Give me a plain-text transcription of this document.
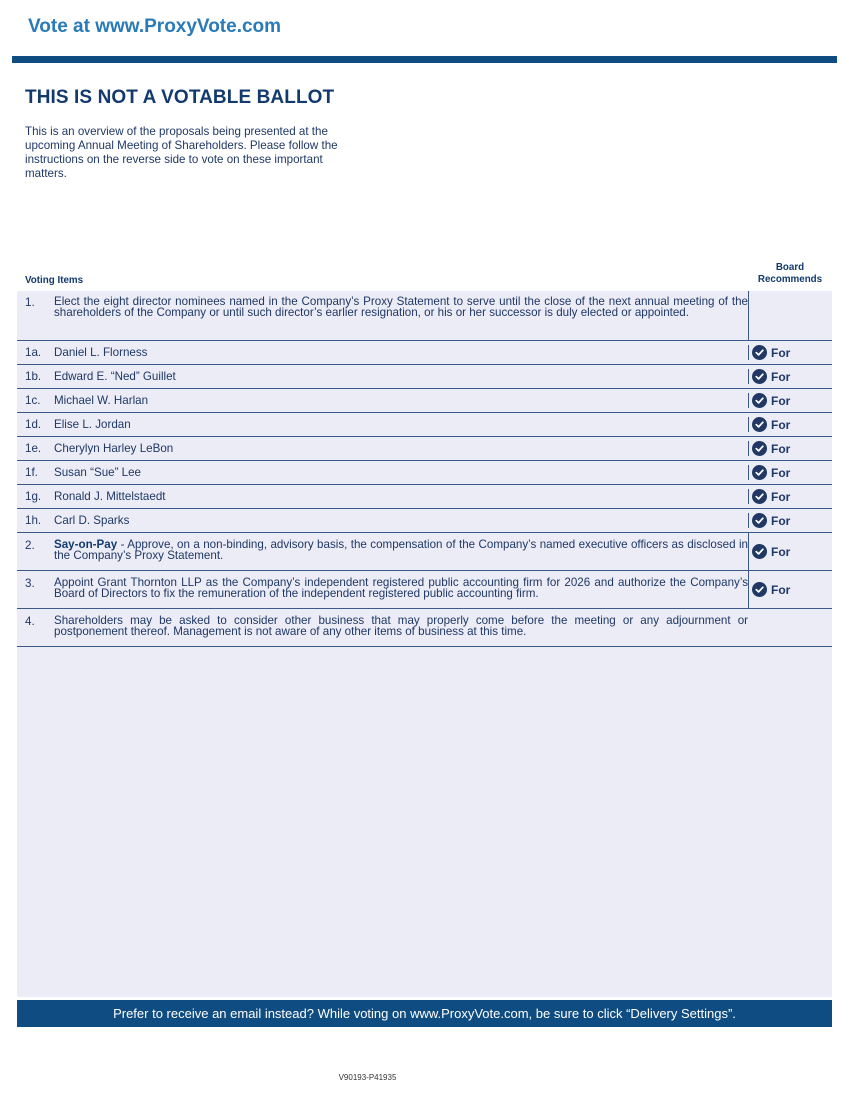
Vote at www.ProxyVote.com
THIS IS NOT A VOTABLE BALLOT
This is an overview of the proposals being presented at the upcoming Annual Meeting of Shareholders. Please follow the instructions on the reverse side to vote on these important matters.
Voting Items
Board
Recommends
1.	Elect the eight director nominees named in the Company’s Proxy Statement to serve until the close of the next annual meeting of the shareholders of the Company or until such director’s earlier resignation, or his or her successor is duly elected or appointed.
1a.	Daniel L. Florness	For
1b.	Edward E. “Ned” Guillet	For
1c.	Michael W. Harlan	For
1d.	Elise L. Jordan	For
1e.	Cherylyn Harley LeBon	For
1f.	Susan “Sue” Lee	For
1g.	Ronald J. Mittelstaedt	For
1h.	Carl D. Sparks	For
2.	Say-on-Pay - Approve, on a non-binding, advisory basis, the compensation of the Company’s named executive officers as disclosed in the Company’s Proxy Statement.	For
3.	Appoint Grant Thornton LLP as the Company’s independent registered public accounting firm for 2026 and authorize the Company’s Board of Directors to fix the remuneration of the independent registered public accounting firm.	For
4.	Shareholders may be asked to consider other business that may properly come before the meeting or any adjournment or postponement thereof. Management is not aware of any other items of business at this time.
Prefer to receive an email instead? While voting on www.ProxyVote.com, be sure to click “Delivery Settings”.
V90193-P41935
